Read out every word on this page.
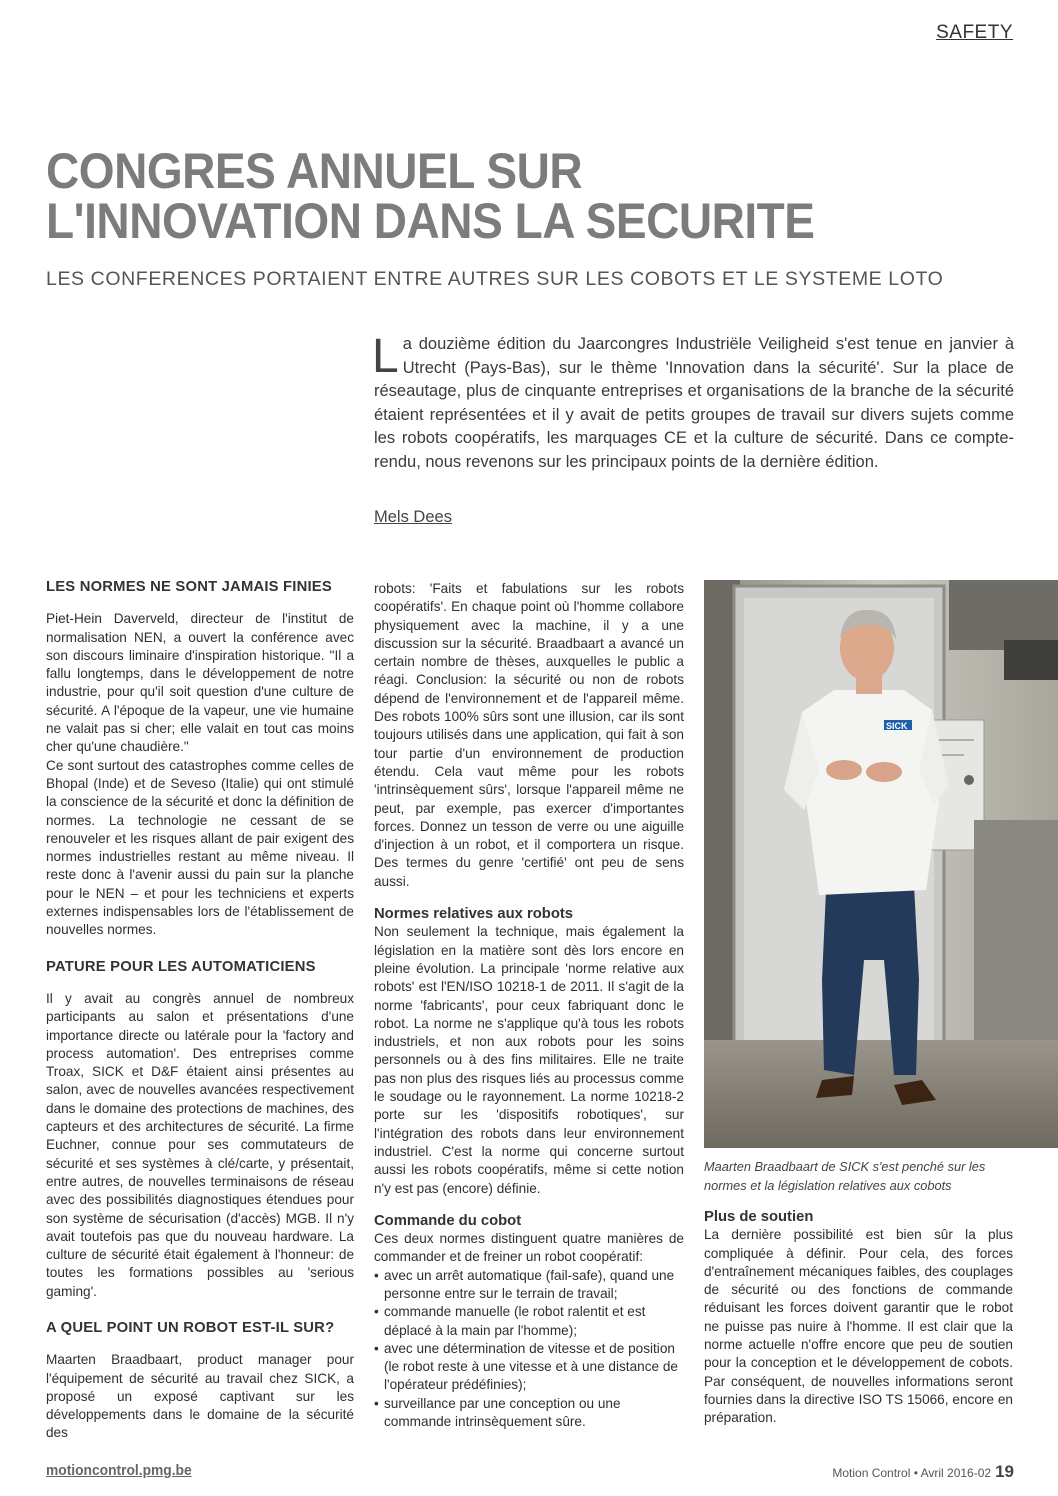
SAFETY
CONGRES ANNUEL SUR
L'INNOVATION DANS LA SECURITE
LES CONFERENCES PORTAIENT ENTRE AUTRES SUR LES COBOTS ET LE SYSTEME LOTO
La douzième édition du Jaarcongres Industriële Veiligheid s'est tenue en janvier à Utrecht (Pays-Bas), sur le thème 'Innovation dans la sécurité'. Sur la place de réseautage, plus de cinquante entreprises et organisations de la branche de la sécurité étaient représentées et il y avait de petits groupes de travail sur divers sujets comme les robots coopératifs, les marquages CE et la culture de sécurité. Dans ce compte-rendu, nous revenons sur les principaux points de la dernière édition.
Mels Dees
LES NORMES NE SONT JAMAIS FINIES

Piet-Hein Daverveld, directeur de l'institut de normalisation NEN, a ouvert la conférence avec son discours liminaire d'inspiration historique. "Il a fallu longtemps, dans le développement de notre industrie, pour qu'il soit question d'une culture de sécurité. A l'époque de la vapeur, une vie humaine ne valait pas si cher; elle valait en tout cas moins cher qu'une chaudière."

Ce sont surtout des catastrophes comme celles de Bhopal (Inde) et de Seveso (Italie) qui ont stimulé la conscience de la sécurité et donc la définition de normes. La technologie ne cessant de se renouveler et les risques allant de pair exigent des normes industrielles restant au même niveau. Il reste donc à l'avenir aussi du pain sur la planche pour le NEN – et pour les techniciens et experts externes indispensables lors de l'établissement de nouvelles normes.

PATURE POUR LES AUTOMATICIENS

Il y avait au congrès annuel de nombreux participants au salon et présentations d'une importance directe ou latérale pour la 'factory and process automation'. Des entreprises comme Troax, SICK et D&F étaient ainsi présentes au salon, avec de nouvelles avancées respectivement dans le domaine des protections de machines, des capteurs et des architectures de sécurité. La firme Euchner, connue pour ses commutateurs de sécurité et ses systèmes à clé/carte, y présentait, entre autres, de nouvelles terminaisons de réseau avec des possibilités diagnostiques étendues pour son système de sécurisation (d'accès) MGB. Il n'y avait toutefois pas que du nouveau hardware. La culture de sécurité était également à l'honneur: de toutes les formations possibles au 'serious gaming'.

A QUEL POINT UN ROBOT EST-IL SUR?

Maarten Braadbaart, product manager pour l'équipement de sécurité au travail chez SICK, a proposé un exposé captivant sur les développements dans le domaine de la sécurité des

robots: 'Faits et fabulations sur les robots coopératifs'. En chaque point où l'homme collabore physiquement avec la machine, il y a une discussion sur la sécurité. Braadbaart a avancé un certain nombre de thèses, auxquelles le public a réagi. Conclusion: la sécurité ou non de robots dépend de l'environnement et de l'appareil même. Des robots 100% sûrs sont une illusion, car ils sont toujours utilisés dans une application, qui fait à son tour partie d'un environnement de production étendu. Cela vaut même pour les robots 'intrinsèquement sûrs', lorsque l'appareil même ne peut, par exemple, pas exercer d'importantes forces. Donnez un tesson de verre ou une aiguille d'injection à un robot, et il comportera un risque. Des termes du genre 'certifié' ont peu de sens aussi.

Normes relatives aux robots

Non seulement la technique, mais également la législation en la matière sont dès lors encore en pleine évolution. La principale 'norme relative aux robots' est l'EN/ISO 10218-1 de 2011. Il s'agit de la norme 'fabricants', pour ceux fabriquant donc le robot. La norme ne s'applique qu'à tous les robots industriels, et non aux robots pour les soins personnels ou à des fins militaires. Elle ne traite pas non plus des risques liés au processus comme le soudage ou le rayonnement. La norme 10218-2 porte sur les 'dispositifs robotiques', sur l'intégration des robots dans leur environnement industriel. C'est la norme qui concerne surtout aussi les robots coopératifs, même si cette notion n'y est pas (encore) définie.

Commande du cobot

Ces deux normes distinguent quatre manières de commander et de freiner un robot coopératif:

• avec un arrêt automatique (fail-safe), quand une personne entre sur le terrain de travail;
• commande manuelle (le robot ralentit et est déplacé à la main par l'homme);
• avec une détermination de vitesse et de position (le robot reste à une vitesse et à une distance de l'opérateur prédéfinies);
• surveillance par une conception ou une commande intrinsèquement sûre.
SICK
Maarten Braadbaart de SICK s'est penché sur les normes et la législation relatives aux cobots
Plus de soutien

La dernière possibilité est bien sûr la plus compliquée à définir. Pour cela, des forces d'entraînement mécaniques faibles, des couplages de sécurité ou des fonctions de commande réduisant les forces doivent garantir que le robot ne puisse pas nuire à l'homme. Il est clair que la norme actuelle n'offre encore que peu de soutien pour la conception et le développement de cobots. Par conséquent, de nouvelles informations seront fournies dans la directive ISO TS 15066, encore en préparation.

motioncontrol.pmg.be	Motion Control • Avril 2016-02 19
